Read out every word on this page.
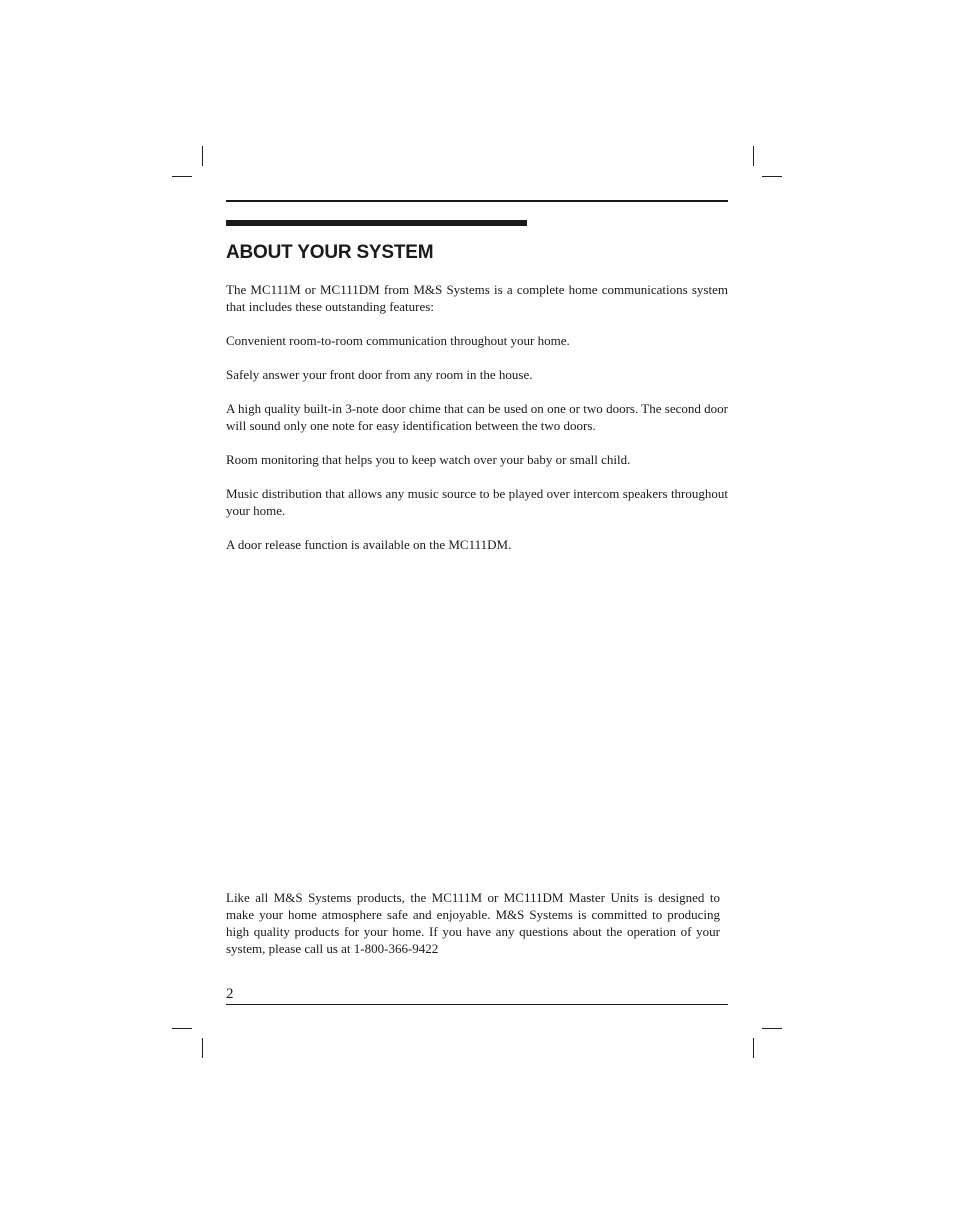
ABOUT YOUR SYSTEM

The MC111M or MC111DM from M&S Systems is a complete home communications system that includes these outstanding features:

Convenient room-to-room communication throughout your home.

Safely answer your front door from any room in the house.

A high quality built-in 3-note door chime that can be used on one or two doors. The second door will sound only one note for easy identification between the two doors.

Room monitoring that helps you to keep watch over your baby or small child.

Music distribution that allows any music source to be played over intercom speakers throughout your home.

A door release function is available on the MC111DM.

Like all M&S Systems products, the MC111M or MC111DM Master Units is designed to make your home atmosphere safe and enjoyable. M&S Systems is committed to producing high quality products for your home. If you have any questions about the operation of your system, please call us at 1-800-366-9422

2
